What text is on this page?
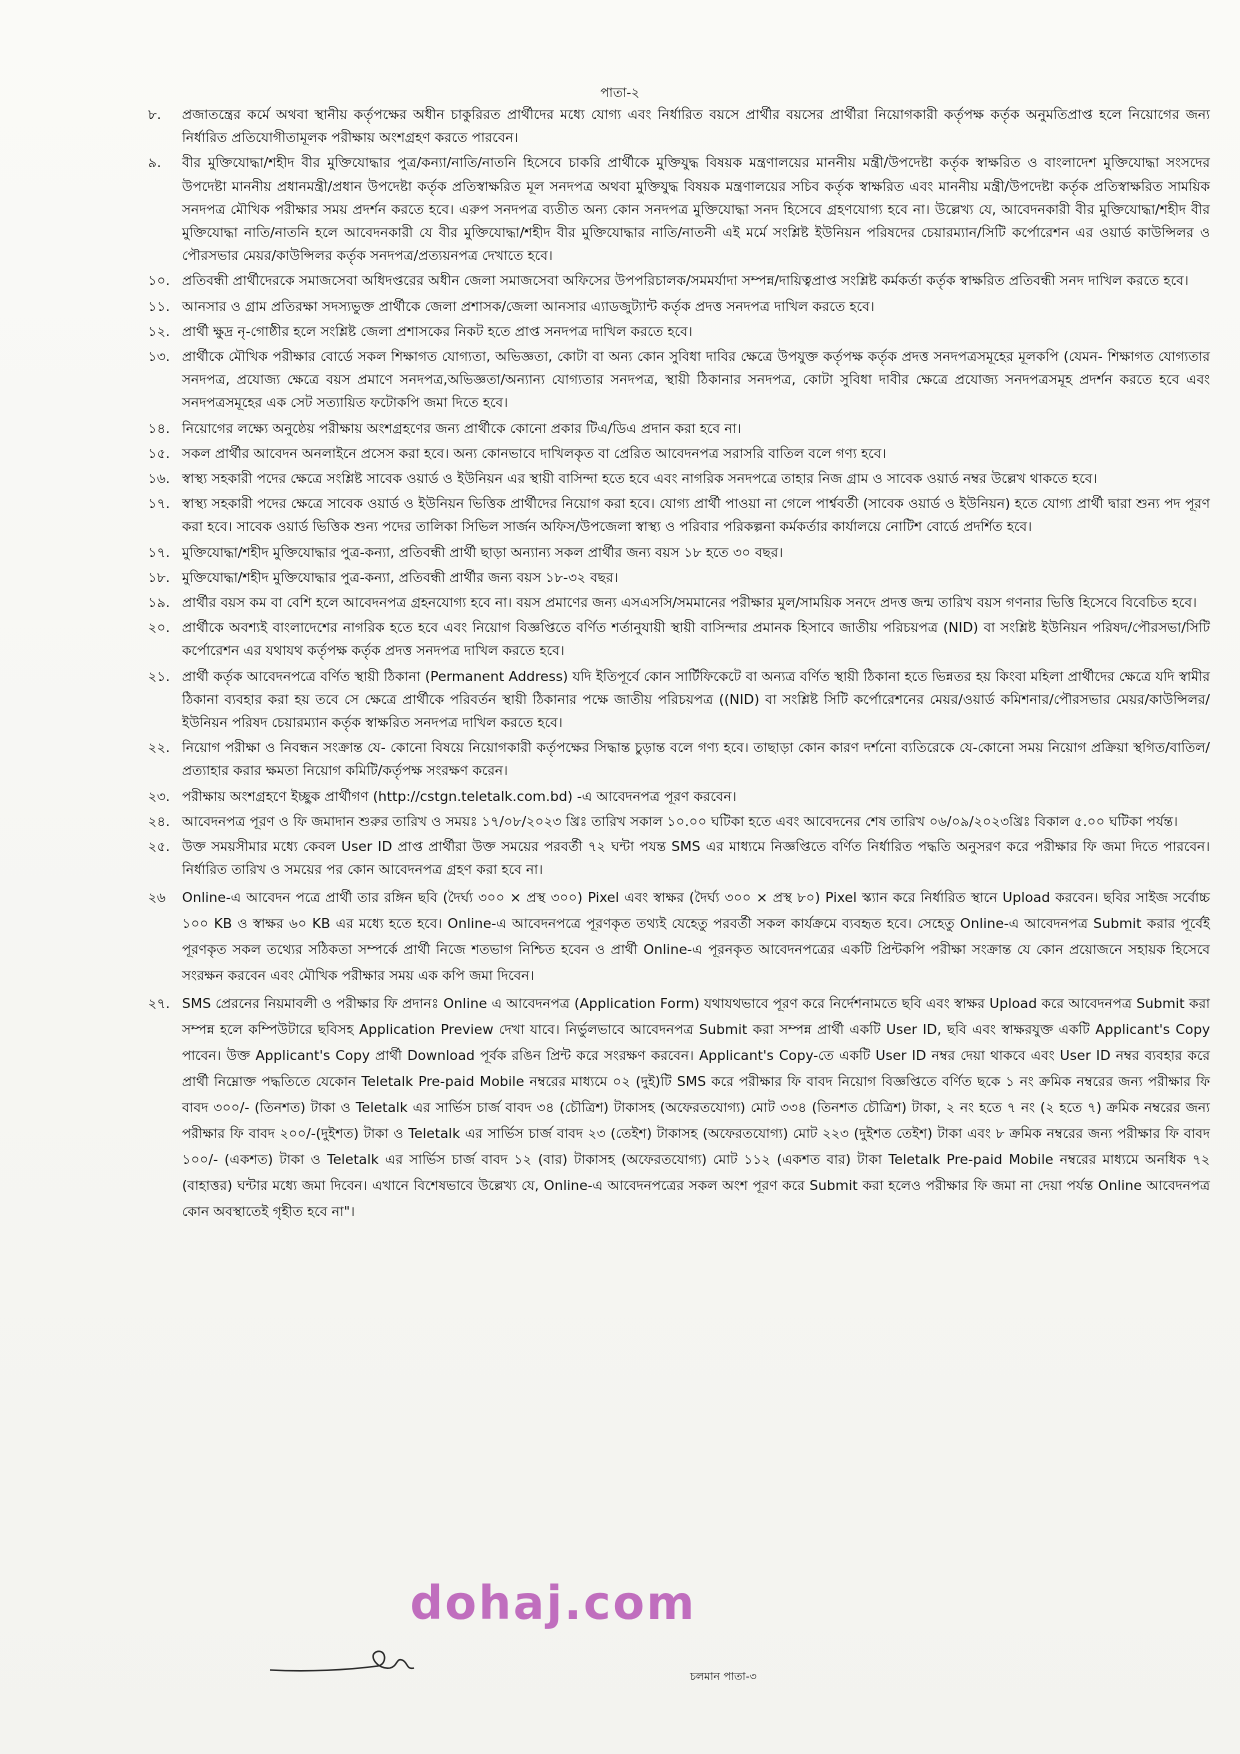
পাতা-২
৮.	প্রজাতন্ত্রের কর্মে অথবা স্থানীয় কর্তৃপক্ষের অধীন চাকুরিরত প্রার্থীদের মধ্যে যোগ্য এবং নির্ধারিত বয়সে প্রার্থীর বয়সের প্রার্থীরা নিয়োগকারী কর্তৃপক্ষ কর্তৃক অনুমতিপ্রাপ্ত হলে নিয়োগের জন্য নির্ধারিত প্রতিযোগীতামূলক পরীক্ষায় অংশগ্রহণ করতে পারবেন।
৯.	বীর মুক্তিযোদ্ধা/শহীদ বীর মুক্তিযোদ্ধার পুত্র/কন্যা/নাতি/নাতনি হিসেবে চাকরি প্রার্থীকে মুক্তিযুদ্ধ বিষয়ক মন্ত্রণালয়ের মাননীয় মন্ত্রী/উপদেষ্টা কর্তৃক স্বাক্ষরিত ও বাংলাদেশ মুক্তিযোদ্ধা সংসদের উপদেষ্টা মাননীয় প্রধানমন্ত্রী/প্রধান উপদেষ্টা কর্তৃক প্রতিস্বাক্ষরিত মূল সনদপত্র অথবা মুক্তিযুদ্ধ বিষয়ক মন্ত্রণালয়ের সচিব কর্তৃক স্বাক্ষরিত এবং মাননীয় মন্ত্রী/উপদেষ্টা কর্তৃক প্রতিস্বাক্ষরিত সাময়িক সনদপত্র মৌখিক পরীক্ষার সময় প্রদর্শন করতে হবে। এরুপ সনদপত্র ব্যতীত অন্য কোন সনদপত্র মুক্তিযোদ্ধা সনদ হিসেবে গ্রহণযোগ্য হবে না। উল্লেখ্য যে, আবেদনকারী বীর মুক্তিযোদ্ধা/শহীদ বীর মুক্তিযোদ্ধা নাতি/নাতনি হলে আবেদনকারী যে বীর মুক্তিযোদ্ধা/শহীদ বীর মুক্তিযোদ্ধার নাতি/নাতনী এই মর্মে সংশ্লিষ্ট ইউনিয়ন পরিষদের চেয়ারম্যান/সিটি কর্পোরেশন এর ওয়ার্ড কাউন্সিলর ও পৌরসভার মেয়র/কাউন্সিলর কর্তৃক সনদপত্র/প্রত্যয়নপত্র দেখাতে হবে।
১০. প্রতিবন্ধী প্রার্থীদেরকে সমাজসেবা অধিদপ্তরের অধীন জেলা সমাজসেবা অফিসের উপপরিচালক/সমমর্যাদা সম্পন্ন/দায়িত্বপ্রাপ্ত সংশ্লিষ্ট কর্মকর্তা কর্তৃক স্বাক্ষরিত প্রতিবন্ধী সনদ দাখিল করতে হবে।
১১. আনসার ও গ্রাম প্রতিরক্ষা সদস্যভুক্ত প্রার্থীকে জেলা প্রশাসক/জেলা আনসার এ্যাডজুট্যান্ট কর্তৃক প্রদত্ত সনদপত্র দাখিল করতে হবে।
১২. প্রার্থী ক্ষুদ্র নৃ-গোষ্ঠীর হলে সংশ্লিষ্ট জেলা প্রশাসকের নিকট হতে প্রাপ্ত সনদপত্র দাখিল করতে হবে।
১৩. প্রার্থীকে মৌখিক পরীক্ষার বোর্ডে সকল শিক্ষাগত যোগ্যতা, অভিজ্ঞতা, কোটা বা অন্য কোন সুবিধা দাবির ক্ষেত্রে উপযুক্ত কর্তৃপক্ষ কর্তৃক প্রদত্ত সনদপত্রসমূহের মূলকপি (যেমন- শিক্ষাগত যোগ্যতার সনদপত্র, প্রযোজ্য ক্ষেত্রে বয়স প্রমাণে সনদপত্র,অভিজ্ঞতা/অন্যান্য যোগ্যতার সনদপত্র, স্থায়ী ঠিকানার সনদপত্র, কোটা সুবিধা দাবীর ক্ষেত্রে প্রযোজ্য সনদপত্রসমূহ প্রদর্শন করতে হবে এবং সনদপত্রসমূহের এক সেট সত্যায়িত ফটোকপি জমা দিতে হবে।
১৪. নিয়োগের লক্ষ্যে অনুষ্ঠেয় পরীক্ষায় অংশগ্রহণের জন্য প্রার্থীকে কোনো প্রকার টিএ/ডিএ প্রদান করা হবে না।
১৫. সকল প্রার্থীর আবেদন অনলাইনে প্রসেস করা হবে। অন্য কোনভাবে দাখিলকৃত বা প্রেরিত আবেদনপত্র সরাসরি বাতিল বলে গণ্য হবে।
১৬. স্বাস্থ্য সহকারী পদের ক্ষেত্রে সংশ্লিষ্ট সাবেক ওয়ার্ড ও ইউনিয়ন এর স্থায়ী বাসিন্দা হতে হবে এবং নাগরিক সনদপত্রে তাহার নিজ গ্রাম ও সাবেক ওয়ার্ড নম্বর উল্লেখ থাকতে হবে।
১৭. স্বাস্থ্য সহকারী পদের ক্ষেত্রে সাবেক ওয়ার্ড ও ইউনিয়ন ভিত্তিক প্রার্থীদের নিয়োগ করা হবে। যোগ্য প্রার্থী পাওয়া না গেলে পার্শ্ববর্তী (সাবেক ওয়ার্ড ও ইউনিয়ন) হতে যোগ্য প্রার্থী দ্বারা শুন্য পদ পূরণ করা হবে। সাবেক ওয়ার্ড ভিত্তিক শুন্য পদের তালিকা সিভিল সার্জন অফিস/উপজেলা স্বাস্থ্য ও পরিবার পরিকল্পনা কর্মকর্তার কার্যালয়ে নোটিশ বোর্ডে প্রদর্শিত হবে।
১৭. মুক্তিযোদ্ধা/শহীদ মুক্তিযোদ্ধার পুত্র-কন্যা, প্রতিবন্ধী প্রার্থী ছাড়া অন্যান্য সকল প্রার্থীর জন্য বয়স ১৮ হতে ৩০ বছর।
১৮. মুক্তিযোদ্ধা/শহীদ মুক্তিযোদ্ধার পুত্র-কন্যা, প্রতিবন্ধী প্রার্থীর জন্য বয়স ১৮-৩২ বছর।
১৯. প্রার্থীর বয়স কম বা বেশি হলে আবেদনপত্র গ্রহনযোগ্য হবে না। বয়স প্রমাণের জন্য এসএসসি/সমমানের পরীক্ষার মুল/সাময়িক সনদে প্রদত্ত জন্ম তারিখ বয়স গণনার ভিত্তি হিসেবে বিবেচিত হবে।
২০. প্রার্থীকে অবশ্যই বাংলাদেশের নাগরিক হতে হবে এবং নিয়োগ বিজ্ঞপ্তিতে বর্ণিত শর্তানুযায়ী স্থায়ী বাসিন্দার প্রমানক হিসাবে জাতীয় পরিচয়পত্র (NID) বা সংশ্লিষ্ট ইউনিয়ন পরিষদ/পৌরসভা/সিটি কর্পোরেশন এর যথাযথ কর্তৃপক্ষ কর্তৃক প্রদত্ত সনদপত্র দাখিল করতে হবে।
২১. প্রার্থী কর্তৃক আবেদনপত্রে বর্ণিত স্থায়ী ঠিকানা (Permanent Address) যদি ইতিপূর্বে কোন সার্টিফিকেটে বা অন্যত্র বর্ণিত স্থায়ী ঠিকানা হতে ভিন্নতর হয় কিংবা মহিলা প্রার্থীদের ক্ষেত্রে যদি স্বামীর ঠিকানা ব্যবহার করা হয় তবে সে ক্ষেত্রে প্রার্থীকে পরিবর্তন স্থায়ী ঠিকানার পক্ষে জাতীয় পরিচয়পত্র ((NID) বা সংশ্লিষ্ট সিটি কর্পোরেশনের মেয়র/ওয়ার্ড কমিশনার/পৌরসভার মেয়র/কাউন্সিলর/ইউনিয়ন পরিষদ চেয়ারম্যান কর্তৃক স্বাক্ষরিত সনদপত্র দাখিল করতে হবে।
২২. নিয়োগ পরীক্ষা ও নিবন্ধন সংক্রান্ত যে- কোনো বিষয়ে নিয়োগকারী কর্তৃপক্ষের সিদ্ধান্ত চুড়ান্ত বলে গণ্য হবে। তাছাড়া কোন কারণ দর্শনো ব্যতিরেকে যে-কোনো সময় নিয়োগ প্রক্রিয়া স্থগিত/বাতিল/প্রত্যাহার করার ক্ষমতা নিয়োগ কমিটি/কর্তৃপক্ষ সংরক্ষণ করেন।
২৩. পরীক্ষায় অংশগ্রহণে ইচ্ছুক প্রার্থীগণ (http://cstgn.teletalk.com.bd) -এ আবেদনপত্র পূরণ করবেন।
২৪. আবেদনপত্র পূরণ ও ফি জমাদান শুরুর তারিখ ও সময়ঃ ১৭/০৮/২০২৩ খ্রিঃ তারিখ সকাল ১০.০০ ঘটিকা হতে এবং আবেদনের শেষ তারিখ ০৬/০৯/২০২৩খ্রিঃ বিকাল ৫.০০ ঘটিকা পর্যন্ত।
২৫. উক্ত সময়সীমার মধ্যে কেবল User ID প্রাপ্ত প্রার্থীরা উক্ত সময়ের পরবর্তী ৭২ ঘন্টা পযন্ত SMS এর মাধ্যমে নিজ্ঞপ্তিতে বর্ণিত নির্ধারিত পদ্ধতি অনুসরণ করে পরীক্ষার ফি জমা দিতে পারবেন। নির্ধারিত তারিখ ও সময়ের পর কোন আবেদনপত্র গ্রহণ করা হবে না।
২৬	Online-এ আবেদন পত্রে প্রার্থী তার রঙ্গিন ছবি (দৈর্ঘ্য ৩০০ × প্রস্থ ৩০০) Pixel এবং স্বাক্ষর (দৈর্ঘ্য ৩০০ × প্রস্থ ৮০) Pixel স্ক্যান করে নির্ধারিত স্থানে Upload করবেন। ছবির সাইজ সর্বোচ্চ ১০০ KB ও স্বাক্ষর ৬০ KB এর মধ্যে হতে হবে। Online-এ আবেদনপত্রে পূরণকৃত তথ্যই যেহেতু পরবর্তী সকল কার্যক্রমে ব্যবহৃত হবে। সেহেতু Online-এ আবেদনপত্র Submit করার পূর্বেই পূরণকৃত সকল তথ্যের সঠিকতা সম্পর্কে প্রার্থী নিজে শতভাগ নিশ্চিত হবেন ও প্রার্থী Online-এ পূরনকৃত আবেদনপত্রের একটি প্রিন্টকপি পরীক্ষা সংক্রান্ত যে কোন প্রয়োজনে সহায়ক হিসেবে সংরক্ষন করবেন এবং মৌখিক পরীক্ষার সময় এক কপি জমা দিবেন।
২৭. SMS প্রেরনের নিয়মাবলী ও পরীক্ষার ফি প্রদানঃ Online এ আবেদনপত্র (Application Form) যথাযথভাবে পূরণ করে নির্দেশনামতে ছবি এবং স্বাক্ষর Upload করে আবেদনপত্র Submit করা সম্পন্ন হলে কম্পিউটারে ছবিসহ Application Preview দেখা যাবে। নির্ভুলভাবে আবেদনপত্র Submit করা সম্পন্ন প্রার্থী একটি User ID, ছবি এবং স্বাক্ষরযুক্ত একটি Applicant's Copy পাবেন। উক্ত Applicant's Copy প্রার্থী Download পূর্বক রঙিন প্রিন্ট করে সংরক্ষণ করবেন। Applicant's Copy-তে একটি User ID নম্বর দেয়া থাকবে এবং User ID নম্বর ব্যবহার করে প্রার্থী নিম্নোক্ত পদ্ধতিতে যেকোন Teletalk Pre-paid Mobile নম্বরের মাধ্যমে ০২ (দুই)টি SMS করে পরীক্ষার ফি বাবদ নিয়োগ বিজ্ঞপ্তিতে বর্ণিত ছকে ১ নং ক্রমিক নম্বরের জন্য পরীক্ষার ফি বাবদ ৩০০/- (তিনশত) টাকা ও Teletalk এর সার্ভিস চার্জ বাবদ ৩৪ (চৌত্রিশ) টাকাসহ (অফেরতযোগ্য) মোট ৩৩৪ (তিনশত চৌত্রিশ) টাকা, ২ নং হতে ৭ নং (২ হতে ৭) ক্রমিক নম্বরের জন্য পরীক্ষার ফি বাবদ ২০০/-(দুইশত) টাকা ও Teletalk এর সার্ভিস চার্জ বাবদ ২৩ (তেইশ) টাকাসহ (অফেরতযোগ্য) মোট ২২৩ (দুইশত তেইশ) টাকা এবং ৮ ক্রমিক নম্বরের জন্য পরীক্ষার ফি বাবদ ১০০/- (একশত) টাকা ও Teletalk এর সার্ভিস চার্জ বাবদ ১২ (বার) টাকাসহ (অফেরতযোগ্য) মোট ১১২ (একশত বার) টাকা Teletalk Pre-paid Mobile নম্বরের মাধ্যমে অনধিক ৭২ (বাহাত্তর) ঘন্টার মধ্যে জমা দিবেন। এখানে বিশেষভাবে উল্লেখ্য যে, Online-এ আবেদনপত্রের সকল অংশ পূরণ করে Submit করা হলেও পরীক্ষার ফি জমা না দেয়া পর্যন্ত Online আবেদনপত্র কোন অবস্থাতেই গৃহীত হবে না"।
dohaj.com
চলমান পাতা-৩
